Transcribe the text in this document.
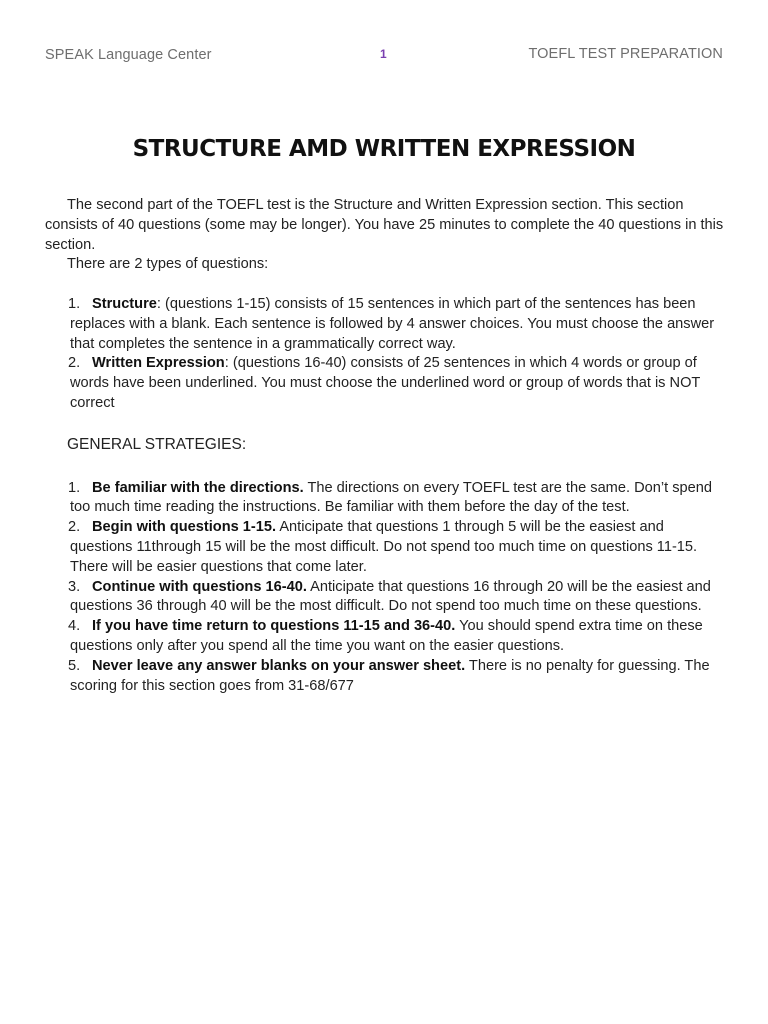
SPEAK Language Center	1	TOEFL TEST PREPARATION
STRUCTURE AMD WRITTEN EXPRESSION

The second part of the TOEFL test is the Structure and Written Expression section. This section consists of 40 questions (some may be longer). You have 25 minutes to complete the 40 questions in this section.

There are 2 types of questions:

1. Structure: (questions 1-15) consists of 15 sentences in which part of the sentences has been replaces with a blank. Each sentence is followed by 4 answer choices. You must choose the answer that completes the sentence in a grammatically correct way.
2. Written Expression: (questions 16-40) consists of 25 sentences in which 4 words or group of words have been underlined. You must choose the underlined word or group of words that is NOT correct

GENERAL STRATEGIES:

1. Be familiar with the directions. The directions on every TOEFL test are the same. Don’t spend too much time reading the instructions. Be familiar with them before the day of the test.
2. Begin with questions 1-15. Anticipate that questions 1 through 5 will be the easiest and questions 11through 15 will be the most difficult. Do not spend too much time on questions 11-15. There will be easier questions that come later.
3. Continue with questions 16-40. Anticipate that questions 16 through 20 will be the easiest and questions 36 through 40 will be the most difficult. Do not spend too much time on these questions.
4. If you have time return to questions 11-15 and 36-40. You should spend extra time on these questions only after you spend all the time you want on the easier questions.
5. Never leave any answer blanks on your answer sheet. There is no penalty for guessing. The scoring for this section goes from 31-68/677
